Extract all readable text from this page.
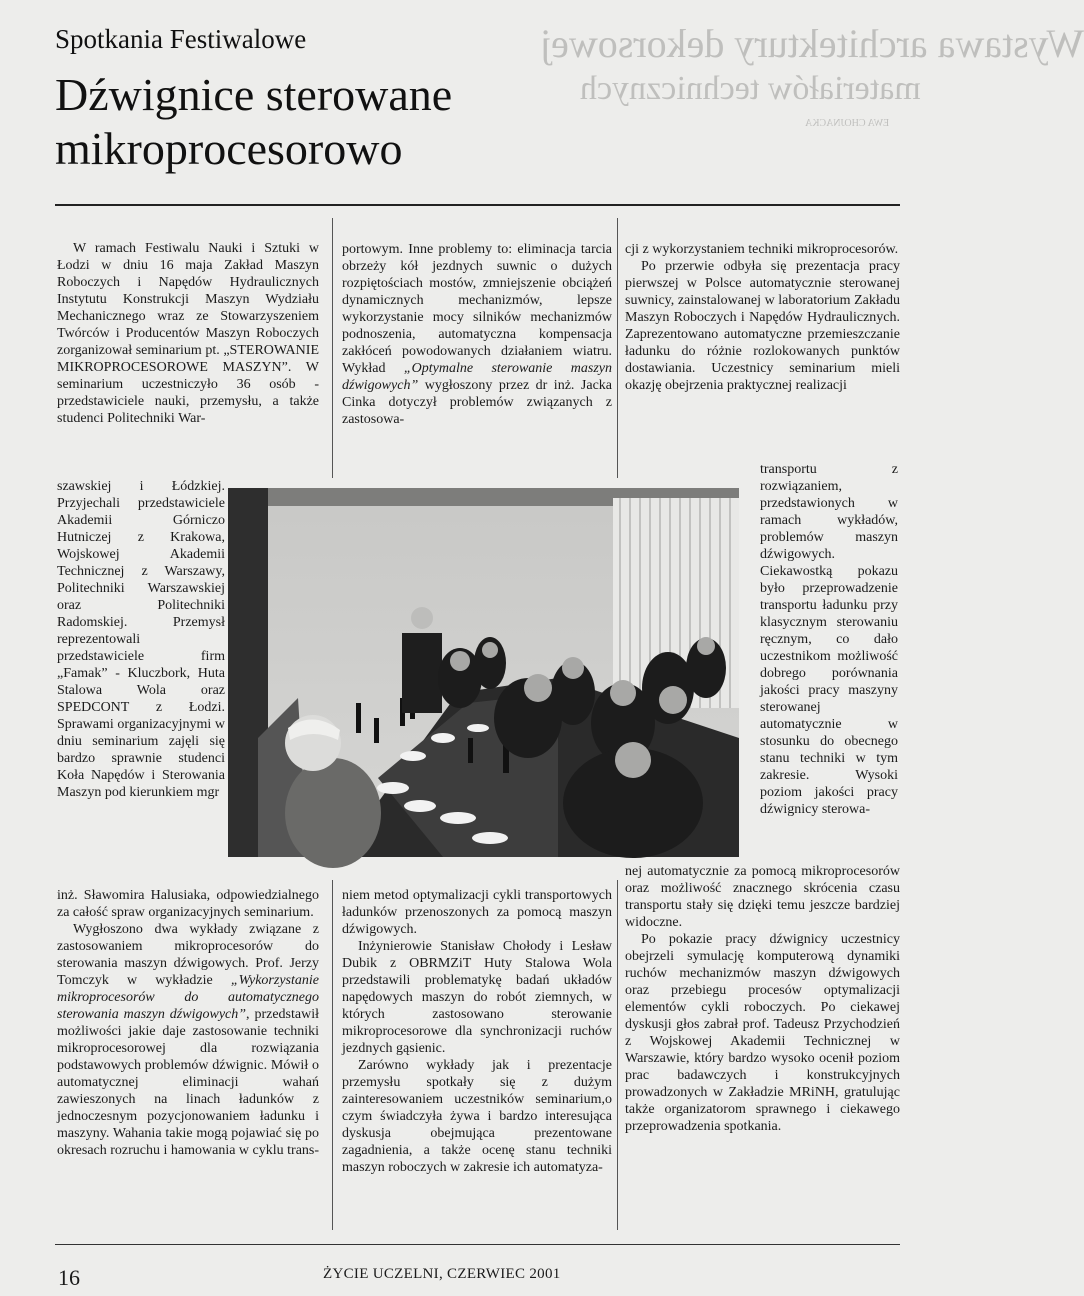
Wystawa architektury dekorsowej
materiałów technicznych
EWA CHOJNACKA
Spotkania Festiwalowe
Dźwignice sterowane mikroprocesorowo

W ramach Festiwalu Nauki i Sztuki w Łodzi w dniu 16 maja Zakład Maszyn Roboczych i Napędów Hydraulicznych Instytutu Konstrukcji Maszyn Wydziału Mechanicznego wraz ze Stowarzyszeniem Twórców i Producentów Maszyn Roboczych zorganizował seminarium pt. „STEROWANIE MIKROPROCESOROWE MASZYN”. W seminarium uczestniczyło 36 osób - przedstawiciele nauki, przemysłu, a także studenci Politechniki War-

szawskiej i Łódzkiej. Przyjechali przedstawiciele Akademii Górniczo Hutniczej z Krakowa, Wojskowej Akademii Technicznej z Warszawy, Politechniki Warszawskiej oraz Politechniki Radomskiej. Przemysł reprezentowali przedstawiciele firm „Famak” - Kluczbork, Huta Stalowa Wola oraz SPEDCONT z Łodzi. Sprawami organizacyjnymi w dniu seminarium zajęli się bardzo sprawnie studenci Koła Napędów i Sterowania Maszyn pod kierunkiem mgr

inż. Sławomira Halusiaka, odpowiedzialnego za całość spraw organizacyjnych seminarium.

Wygłoszono dwa wykłady związane z zastosowaniem mikroprocesorów do sterowania maszyn dźwigowych. Prof. Jerzy Tomczyk w wykładzie „Wykorzystanie mikroprocesorów do automatycznego sterowania maszyn dźwigowych”, przedstawił możliwości jakie daje zastosowanie techniki mikroprocesorowej dla rozwiązania podstawowych problemów dźwignic. Mówił o automatycznej eliminacji wahań zawieszonych na linach ładunków z jednoczesnym pozycjonowaniem ładunku i maszyny. Wahania takie mogą pojawiać się po okresach rozruchu i hamowania w cyklu trans-

portowym. Inne problemy to: eliminacja tarcia obrzeży kół jezdnych suwnic o dużych rozpiętościach mostów, zmniejszenie obciążeń dynamicznych mechanizmów, lepsze wykorzystanie mocy silników mechanizmów podnoszenia, automatyczna kompensacja zakłóceń powodowanych działaniem wiatru. Wykład „Optymalne sterowanie maszyn dźwigowych” wygłoszony przez dr inż. Jacka Cinka dotyczył problemów związanych z zastosowa-

niem metod optymalizacji cykli transportowych ładunków przenoszonych za pomocą maszyn dźwigowych.

Inżynierowie Stanisław Chołody i Lesław Dubik z OBRMZiT Huty Stalowa Wola przedstawili problematykę badań układów napędowych maszyn do robót ziemnych, w których zastosowano sterowanie mikroprocesorowe dla synchronizacji ruchów jezdnych gąsienic.

Zarówno wykłady jak i prezentacje przemysłu spotkały się z dużym zainteresowaniem uczestników seminarium,o czym świadczyła żywa i bardzo interesująca dyskusja obejmująca prezentowane zagadnienia, a także ocenę stanu techniki maszyn roboczych w zakresie ich automatyza-

cji z wykorzystaniem techniki mikroprocesorów.

Po przerwie odbyła się prezentacja pracy pierwszej w Polsce automatycznie sterowanej suwnicy, zainstalowanej w laboratorium Zakładu Maszyn Roboczych i Napędów Hydraulicznych. Zaprezentowano automatyczne przemieszczanie ładunku do różnie rozlokowanych punktów dostawiania. Uczestnicy seminarium mieli okazję obejrzenia praktycznej realizacji

transportu z rozwiązaniem, przedstawionych w ramach wykładów, problemów maszyn dźwigowych. Ciekawostką pokazu było przeprowadzenie transportu ładunku przy klasycznym sterowaniu ręcznym, co dało uczestnikom możliwość dobrego porównania jakości pracy maszyny sterowanej automatycznie w stosunku do obecnego stanu techniki w tym zakresie. Wysoki poziom jakości pracy dźwignicy sterowa-

nej automatycznie za pomocą mikroprocesorów oraz możliwość znacznego skrócenia czasu transportu stały się dzięki temu jeszcze bardziej widoczne.

Po pokazie pracy dźwignicy uczestnicy obejrzeli symulację komputerową dynamiki ruchów mechanizmów maszyn dźwigowych oraz przebiegu procesów optymalizacji elementów cykli roboczych. Po ciekawej dyskusji głos zabrał prof. Tadeusz Przychodzień z Wojskowej Akademii Technicznej w Warszawie, który bardzo wysoko ocenił poziom prac badawczych i konstrukcyjnych prowadzonych w Zakładzie MRiNH, gratulując także organizatorom sprawnego i ciekawego przeprowadzenia spotkania.

16	ŻYCIE UCZELNI, CZERWIEC 2001
